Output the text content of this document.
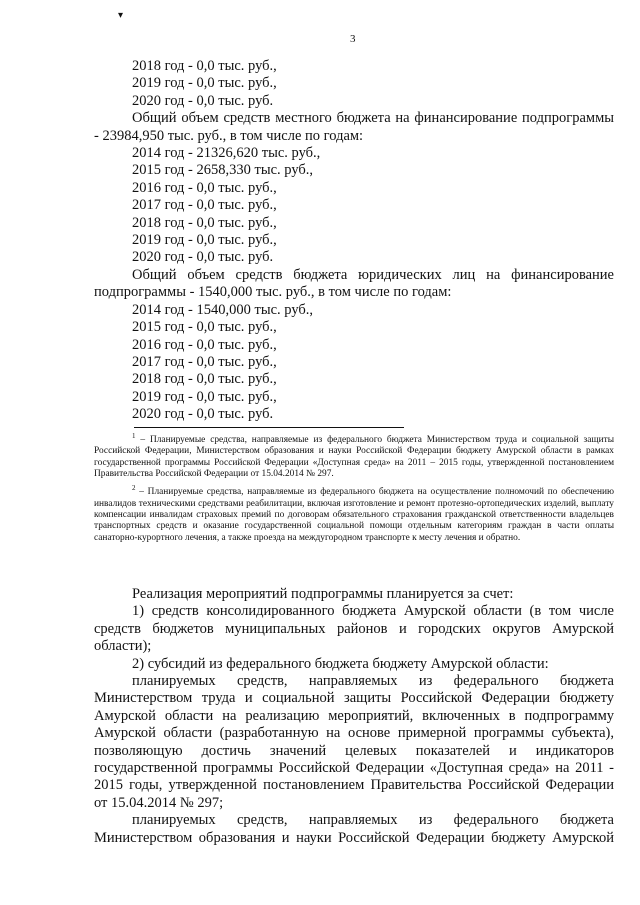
▾
3
2018 год - 0,0 тыс. руб.,
2019 год - 0,0 тыс. руб.,
2020 год - 0,0 тыс. руб.
Общий объем средств местного бюджета на финансирование подпрограммы - 23984,950 тыс. руб., в том числе по годам:
2014 год - 21326,620 тыс. руб.,
2015 год - 2658,330 тыс. руб.,
2016 год - 0,0 тыс. руб.,
2017 год - 0,0 тыс. руб.,
2018 год - 0,0 тыс. руб.,
2019 год - 0,0 тыс. руб.,
2020 год - 0,0 тыс. руб.
Общий объем средств бюджета юридических лиц на финансирование подпрограммы - 1540,000 тыс. руб., в том числе по годам:
2014 год - 1540,000 тыс. руб.,
2015 год - 0,0 тыс. руб.,
2016 год - 0,0 тыс. руб.,
2017 год - 0,0 тыс. руб.,
2018 год - 0,0 тыс. руб.,
2019 год - 0,0 тыс. руб.,
2020 год - 0,0 тыс. руб.
$^1$ – Планируемые средства, направляемые из федерального бюджета Министерством труда и социальной защиты Российской Федерации, Министерством образования и науки Российской Федерации бюджету Амурской области в рамках государственной программы Российской Федерации «Доступная среда» на 2011 – 2015 годы, утвержденной постановлением Правительства Российской Федерации от 15.04.2014 № 297.
$^2$ – Планируемые средства, направляемые из федерального бюджета на осуществление полномочий по обеспечению инвалидов техническими средствами реабилитации, включая изготовление и ремонт протезно-ортопедических изделий, выплату компенсации инвалидам страховых премий по договорам обязательного страхования гражданской ответственности владельцев транспортных средств и оказание государственной социальной помощи отдельным категориям граждан в части оплаты санаторно-курортного лечения, а также проезда на междугородном транспорте к месту лечения и обратно.
Реализация мероприятий подпрограммы планируется за счет:
1) средств консолидированного бюджета Амурской области (в том числе средств бюджетов муниципальных районов и городских округов Амурской области);
2) субсидий из федерального бюджета бюджету Амурской области:
планируемых средств, направляемых из федерального бюджета Министерством труда и социальной защиты Российской Федерации бюджету Амурской области на реализацию мероприятий, включенных в подпрограмму Амурской области (разработанную на основе примерной программы субъекта), позволяющую достичь значений целевых показателей и индикаторов государственной программы Российской Федерации «Доступная среда» на 2011 - 2015 годы, утвержденной постановлением Правительства Российской Федерации от 15.04.2014 № 297;
планируемых средств, направляемых из федерального бюджета Министерством образования и науки Российской Федерации бюджету Амурской
